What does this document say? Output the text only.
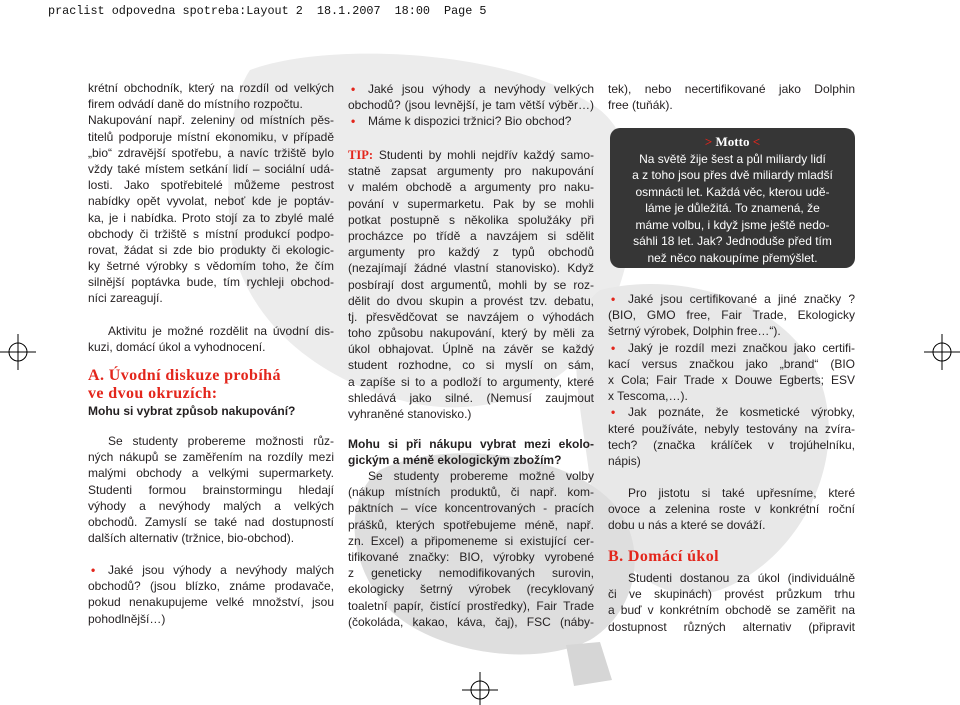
praclist odpovedna spotreba:Layout 2 18.1.2007 18:00 Page 5
krétní obchodník, který na rozdíl od velkých
firem odvádí daně do místního rozpočtu.
Nakupování např. zeleniny od místních pěs-
titelů podporuje místní ekonomiku, v případě
„bio“ zdravější spotřebu, a navíc tržiště bylo
vždy také místem setkání lidí – sociální udá-
losti. Jako spotřebitelé můžeme pestrost
nabídky opět vyvolat, neboť kde je poptáv-
ka, je i nabídka. Proto stojí za to zbylé malé
obchody či tržiště s místní produkcí podpo-
rovat, žádat si zde bio produkty či ekologic-
ky šetrné výrobky s vědomím toho, že čím
silnější poptávka bude, tím rychleji obchod-
níci zareagují.
Aktivitu je možné rozdělit na úvodní dis-
kuzi, domácí úkol a vyhodnocení.
A. Úvodní diskuze probíhá
ve dvou okruzích:
Mohu si vybrat způsob nakupování?
Se studenty probereme možnosti růz-
ných nákupů se zaměřením na rozdíly mezi
malými obchody a velkými supermarkety.
Studenti formou brainstormingu hledají
výhody a nevýhody malých a velkých
obchodů. Zamyslí se také nad dostupností
dalších alternativ (tržnice, bio-obchod).
• Jaké jsou výhody a nevýhody malých
obchodů? (jsou blízko, známe prodavače,
pokud nenakupujeme velké množství, jsou
pohodlnější…)
• Jaké jsou výhody a nevýhody velkých
obchodů? (jsou levnější, je tam větší výběr…)
• Máme k dispozici tržnici? Bio obchod?
TIP: Studenti by mohli nejdřív každý samo-
statně zapsat argumenty pro nakupování
v malém obchodě a argumenty pro naku-
pování v supermarketu. Pak by se mohli
potkat postupně s několika spolužáky při
procházce po třídě a navzájem si sdělit
argumenty pro každý z typů obchodů
(nezajímají žádné vlastní stanovisko). Když
posbírají dost argumentů, mohli by se roz-
dělit do dvou skupin a provést tzv. debatu,
tj. přesvědčovat se navzájem o výhodách
toho způsobu nakupování, který by měli za
úkol obhajovat. Úplně na závěr se každý
student rozhodne, co si myslí on sám,
a zapíše si to a podloží to argumenty, které
shledává jako silné. (Nemusí zaujmout
vyhraněné stanovisko.)
Mohu si při nákupu vybrat mezi ekolo-
gickým a méně ekologickým zbožím?
Se studenty probereme možné volby
(nákup místních produktů, či např. kom-
paktních – více koncentrovaných - pracích
prášků, kterých spotřebujeme méně, např.
zn. Excel) a připomeneme si existující cer-
tifikované značky: BIO, výrobky vyrobené
z geneticky nemodifikovaných surovin,
ekologicky šetrný výrobek (recyklovaný
toaletní papír, čistící prostředky), Fair Trade
(čokoláda, kakao, káva, čaj), FSC (náby-
tek), nebo necertifikované jako Dolphin
free (tuňák).
> Motto <
Na světě žije šest a půl miliardy lidí
a z toho jsou přes dvě miliardy mladší
osmnácti let. Každá věc, kterou udě-
láme je důležitá. To znamená, že
máme volbu, i když jsme ještě nedo-
sáhli 18 let. Jak? Jednoduše před tím
než něco nakoupíme přemýšlet.
• Jaké jsou certifikované a jiné značky ?
(BIO, GMO free, Fair Trade, Ekologicky
šetrný výrobek, Dolphin free…“).
• Jaký je rozdíl mezi značkou jako certifi-
kací versus značkou jako „brand“ (BIO
x Cola; Fair Trade x Douwe Egberts; ESV
x Tescoma,…).
• Jak poznáte, že kosmetické výrobky,
které používáte, nebyly testovány na zvíra-
tech? (značka králíček v trojúhelníku,
nápis)
Pro jistotu si také upřesníme, které
ovoce a zelenina roste v konkrétní roční
dobu u nás a které se dováží.
B. Domácí úkol
Studenti dostanou za úkol (individuálně
či ve skupinách) provést průzkum trhu
a buď v konkrétním obchodě se zaměřit na
dostupnost různých alternativ (připravit
